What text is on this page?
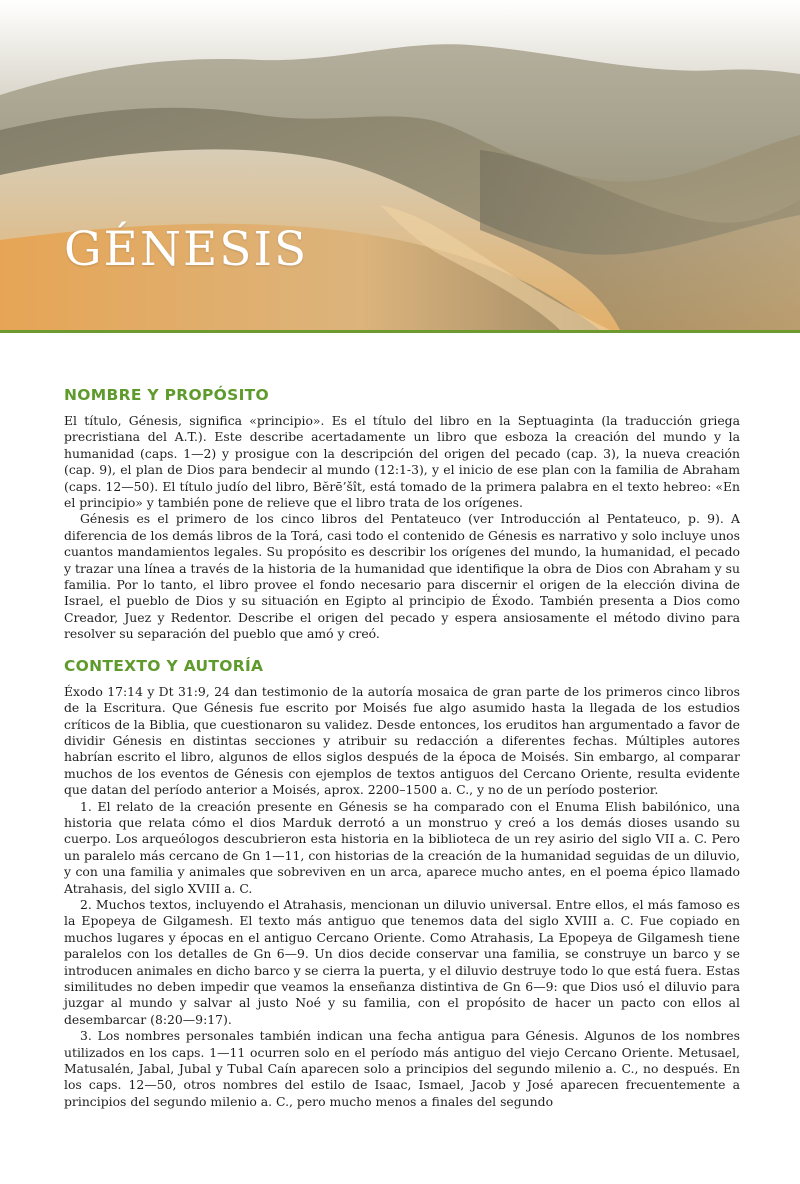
GÉNESIS
NOMBRE Y PROPÓSITO

El título, Génesis, significa «principio». Es el título del libro en la Septuaginta (la traducción griega precristiana del A.T.). Este describe acertadamente un libro que esboza la creación del mundo y la humanidad (caps. 1—2) y prosigue con la descripción del origen del pecado (cap. 3), la nueva creación (cap. 9), el plan de Dios para bendecir al mundo (12:1-3), y el inicio de ese plan con la familia de Abraham (caps. 12—50). El título judío del libro, Bĕrē’šît, está tomado de la primera palabra en el texto hebreo: «En el principio» y también pone de relieve que el libro trata de los orígenes.

Génesis es el primero de los cinco libros del Pentateuco (ver Introducción al Pentateuco, p. 9). A diferencia de los demás libros de la Torá, casi todo el contenido de Génesis es narrativo y solo incluye unos cuantos mandamientos legales. Su propósito es describir los orígenes del mundo, la humanidad, el pecado y trazar una línea a través de la historia de la humanidad que identifique la obra de Dios con Abraham y su familia. Por lo tanto, el libro provee el fondo necesario para discernir el origen de la elección divina de Israel, el pueblo de Dios y su situación en Egipto al principio de Éxodo. También presenta a Dios como Creador, Juez y Redentor. Describe el origen del pecado y espera ansiosamente el método divino para resolver su separación del pueblo que amó y creó.

CONTEXTO Y AUTORÍA

Éxodo 17:14 y Dt 31:9, 24 dan testimonio de la autoría mosaica de gran parte de los primeros cinco libros de la Escritura. Que Génesis fue escrito por Moisés fue algo asumido hasta la llegada de los estudios críticos de la Biblia, que cuestionaron su validez. Desde entonces, los eruditos han argumentado a favor de dividir Génesis en distintas secciones y atribuir su redacción a diferentes fechas. Múltiples autores habrían escrito el libro, algunos de ellos siglos después de la época de Moisés. Sin embargo, al comparar muchos de los eventos de Génesis con ejemplos de textos antiguos del Cercano Oriente, resulta evidente que datan del período anterior a Moisés, aprox. 2200–1500 a. C., y no de un período posterior.

1. El relato de la creación presente en Génesis se ha comparado con el Enuma Elish babilónico, una historia que relata cómo el dios Marduk derrotó a un monstruo y creó a los demás dioses usando su cuerpo. Los arqueólogos descubrieron esta historia en la biblioteca de un rey asirio del siglo VII a. C. Pero un paralelo más cercano de Gn 1—11, con historias de la creación de la humanidad seguidas de un diluvio, y con una familia y animales que sobreviven en un arca, aparece mucho antes, en el poema épico llamado Atrahasis, del siglo XVIII a. C.

2. Muchos textos, incluyendo el Atrahasis, mencionan un diluvio universal. Entre ellos, el más famoso es la Epopeya de Gilgamesh. El texto más antiguo que tenemos data del siglo XVIII a. C. Fue copiado en muchos lugares y épocas en el antiguo Cercano Oriente. Como Atrahasis, La Epopeya de Gilgamesh tiene paralelos con los detalles de Gn 6—9. Un dios decide conservar una familia, se construye un barco y se introducen animales en dicho barco y se cierra la puerta, y el diluvio destruye todo lo que está fuera. Estas similitudes no deben impedir que veamos la enseñanza distintiva de Gn 6—9: que Dios usó el diluvio para juzgar al mundo y salvar al justo Noé y su familia, con el propósito de hacer un pacto con ellos al desembarcar (8:20—9:17).

3. Los nombres personales también indican una fecha antigua para Génesis. Algunos de los nombres utilizados en los caps. 1—11 ocurren solo en el período más antiguo del viejo Cercano Oriente. Metusael, Matusalén, Jabal, Jubal y Tubal Caín aparecen solo a principios del segundo milenio a. C., no después. En los caps. 12—50, otros nombres del estilo de Isaac, Ismael, Jacob y José aparecen frecuentemente a principios del segundo milenio a. C., pero mucho menos a finales del segundo
